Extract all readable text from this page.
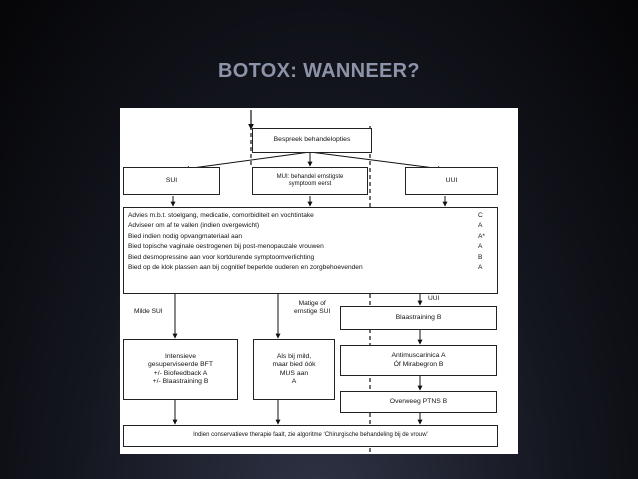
BOTOX: WANNEER?
Bespreek behandelopties
SUI
MUI: behandel ernstigste
symptoom eerst
UUI
Advies m.b.t. stoelgang, medicatie, comorbiditeit en vochtintake	C
Adviseer om af te vallen (indien overgewicht)	A
Bied indien nodig opvangmateriaal aan	A*
Bied topische vaginale oestrogenen bij post-menopauzale vrouwen	A
Bied desmopressine aan voor kortdurende symptoomverlichting	B
Bied op de klok plassen aan bij cognitief beperkte ouderen en zorgbehoevenden	A
Milde SUI
Matige of
ernstige SUI
UUI
Blaastraining B
Intensieve
gesuperviseerde BFT
+/- Biofeedback A
+/- Blaastraining B
Als bij mild,
maar bied óók
MUS aan
A
Antimuscarinica A
Óf Mirabegron B
Overweeg PTNS B
Indien conservatieve therapie faalt, zie algoritme ‘Chirurgische behandeling bij de vrouw’
